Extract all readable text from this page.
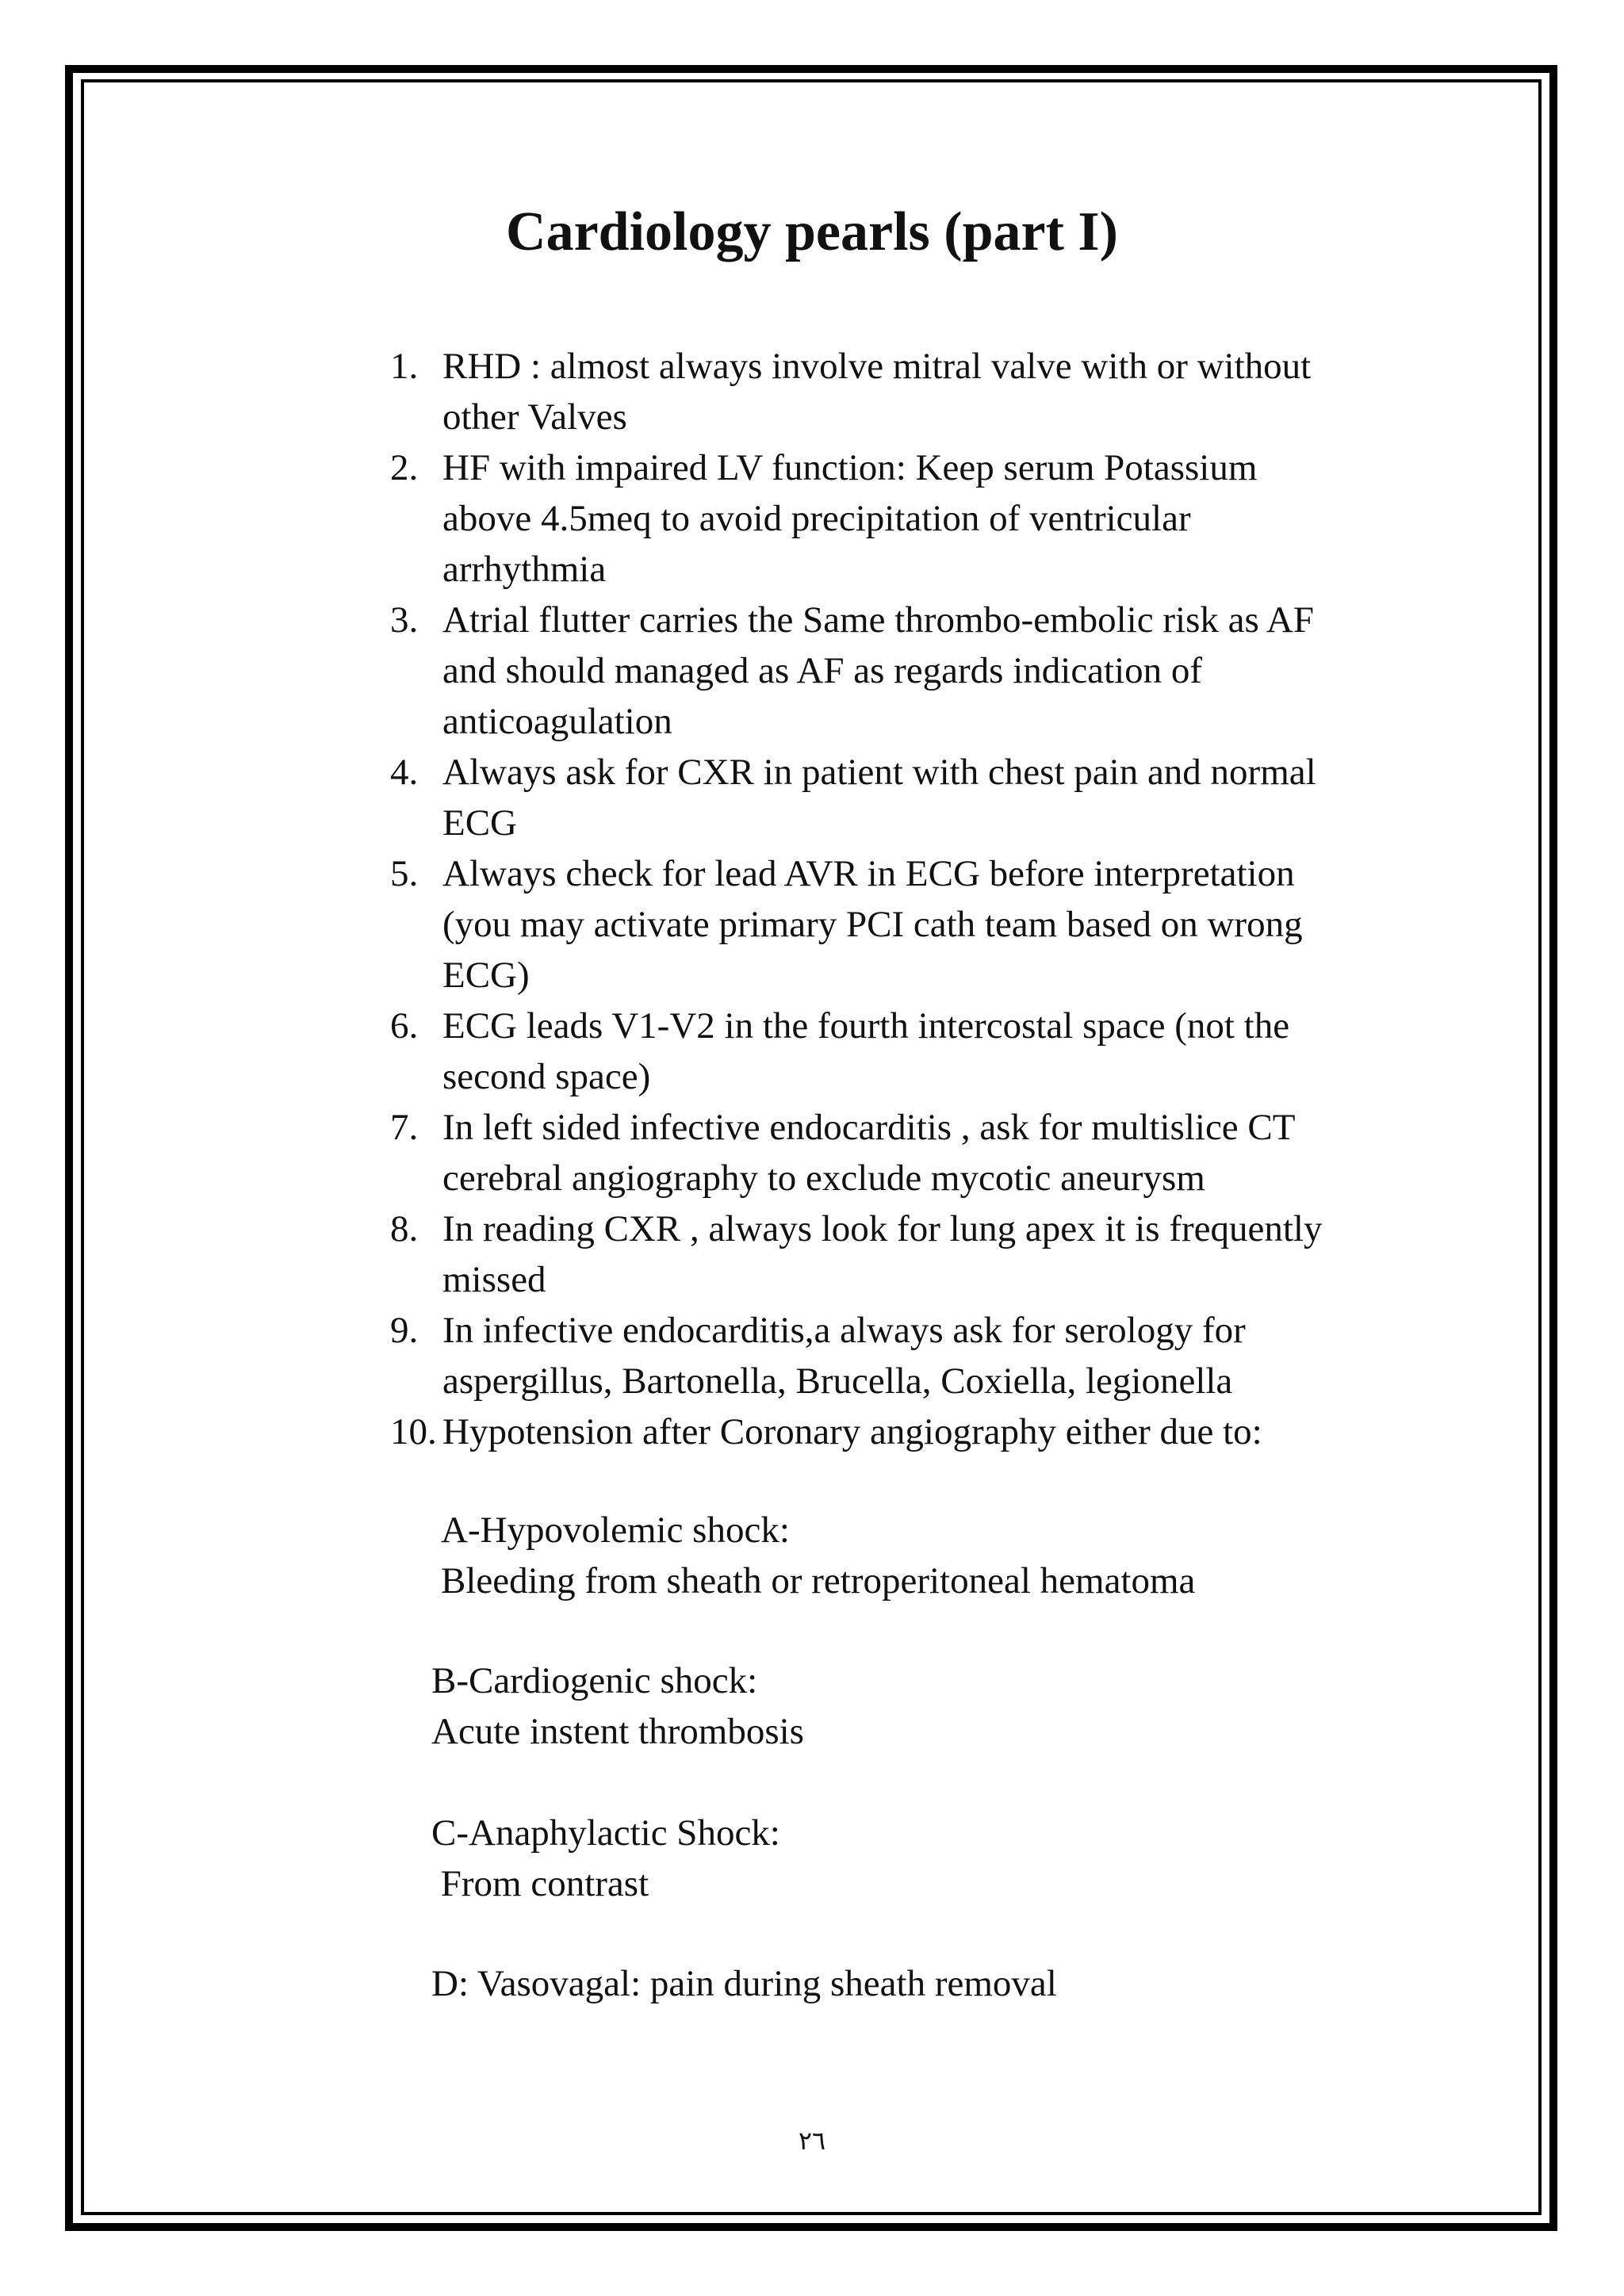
Cardiology pearls (part I)
1. RHD : almost always involve mitral valve with or without
other Valves
2. HF with impaired LV function: Keep serum Potassium
above 4.5meq to avoid precipitation of ventricular
arrhythmia
3. Atrial flutter carries the Same thrombo-embolic risk as AF
and should managed as AF as regards indication of
anticoagulation
4. Always ask for CXR in patient with chest pain and normal
ECG
5. Always check for lead AVR in ECG before interpretation
(you may activate primary PCI cath team based on wrong
ECG)
6. ECG leads V1-V2 in the fourth intercostal space (not the
second space)
7. In left sided infective endocarditis , ask for multislice CT
cerebral angiography to exclude mycotic aneurysm
8. In reading CXR , always look for lung apex it is frequently
missed
9. In infective endocarditis,a always ask for serology for
aspergillus, Bartonella, Brucella, Coxiella, legionella
10. Hypotension after Coronary angiography either due to:
A-Hypovolemic shock:
Bleeding from sheath or retroperitoneal hematoma
B-Cardiogenic shock:
Acute instent thrombosis
C-Anaphylactic Shock:
From contrast
D: Vasovagal: pain during sheath removal
٢٦
